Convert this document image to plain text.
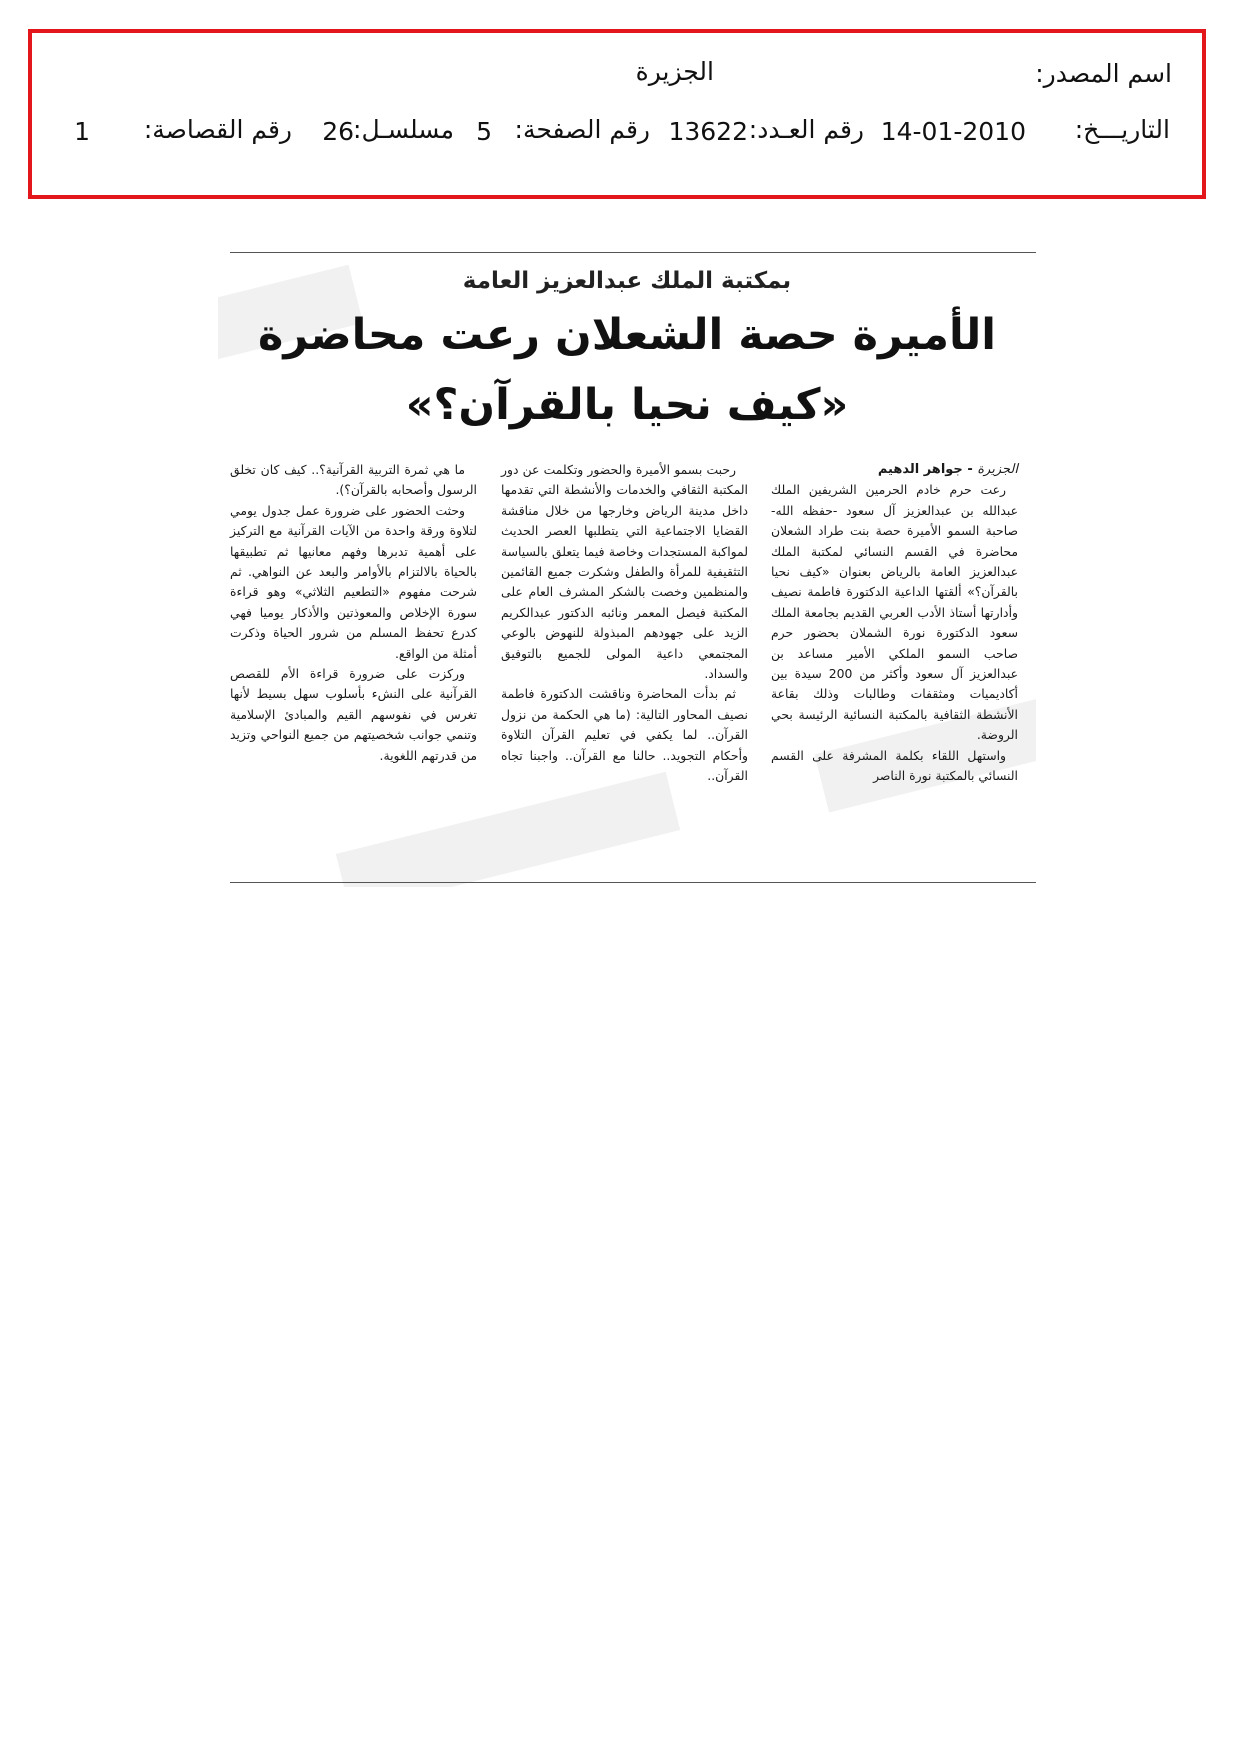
اسم المصدر:
الجزيرة
التاريـــخ:
14-01-2010
رقم العـدد:
13622
رقم الصفحة:
5
مسلسـل:
26
رقم القصاصة:
1
بمكتبة الملك عبدالعزيز العامة
الأميرة حصة الشعلان رعت محاضرة
«كيف نحيا بالقرآن؟»

الجزيرة - جواهر الدهيم

رعت حرم خادم الحرمين الشريفين الملك عبدالله بن عبدالعزيز آل سعود -حفظه الله- صاحبة السمو الأميرة حصة بنت طراد الشعلان محاضرة في القسم النسائي لمكتبة الملك عبدالعزيز العامة بالرياض بعنوان «كيف نحيا بالقرآن؟» ألقتها الداعية الدكتورة فاطمة نصيف وأدارتها أستاذ الأدب العربي القديم بجامعة الملك سعود الدكتورة نورة الشملان بحضور حرم صاحب السمو الملكي الأمير مساعد بن عبدالعزيز آل سعود وأكثر من 200 سيدة بين أكاديميات ومثقفات وطالبات وذلك بقاعة الأنشطة الثقافية بالمكتبة النسائية الرئيسة بحي الروضة.

واستهل اللقاء بكلمة المشرفة على القسم النسائي بالمكتبة نورة الناصر

رحبت بسمو الأميرة والحضور وتكلمت عن دور المكتبة الثقافي والخدمات والأنشطة التي تقدمها داخل مدينة الرياض وخارجها من خلال مناقشة القضايا الاجتماعية التي يتطلبها العصر الحديث لمواكبة المستجدات وخاصة فيما يتعلق بالسياسة التثقيفية للمرأة والطفل وشكرت جميع القائمين والمنظمين وخصت بالشكر المشرف العام على المكتبة فيصل المعمر ونائبه الدكتور عبدالكريم الزيد على جهودهم المبذولة للنهوض بالوعي المجتمعي داعية المولى للجميع بالتوفيق والسداد.

ثم بدأت المحاضرة وناقشت الدكتورة فاطمة نصيف المحاور التالية: (ما هي الحكمة من نزول القرآن.. لما يكفي في تعليم القرآن التلاوة وأحكام التجويد.. حالنا مع القرآن.. واجبنا تجاه القرآن..

ما هي ثمرة التربية القرآنية؟.. كيف كان تخلق الرسول وأصحابه بالقرآن؟).

وحثت الحضور على ضرورة عمل جدول يومي لتلاوة ورقة واحدة من الآيات القرآنية مع التركيز على أهمية تدبرها وفهم معانيها ثم تطبيقها بالحياة بالالتزام بالأوامر والبعد عن النواهي. ثم شرحت مفهوم «التطعيم الثلاثي» وهو قراءة سورة الإخلاص والمعوذتين والأذكار يوميا فهي كدرع تحفظ المسلم من شرور الحياة وذكرت أمثلة من الواقع.

وركزت على ضرورة قراءة الأم للقصص القرآنية على النشء بأسلوب سهل بسيط لأنها تغرس في نفوسهم القيم والمبادئ الإسلامية وتنمي جوانب شخصيتهم من جميع النواحي وتزيد من قدرتهم اللغوية.
